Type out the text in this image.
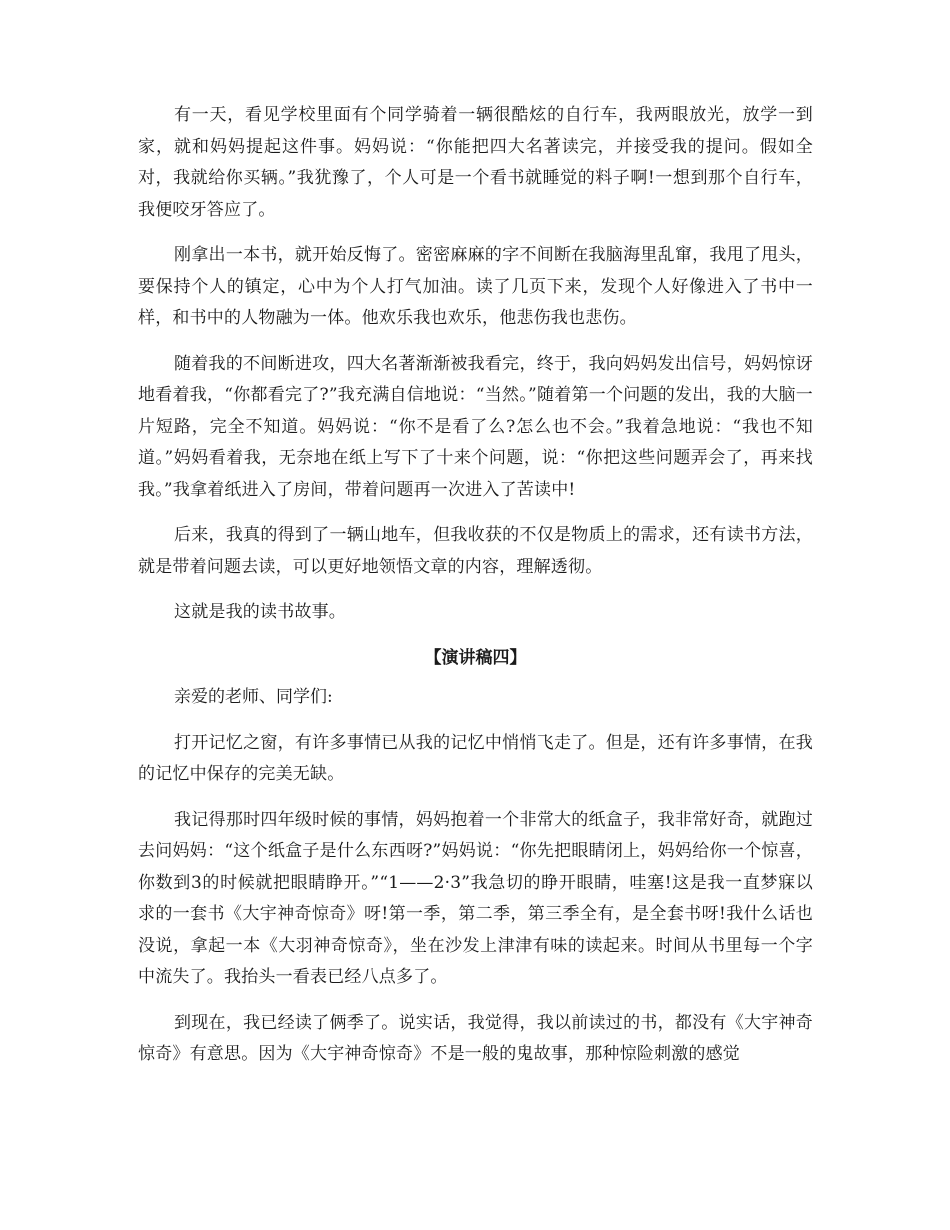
有一天，看见学校里面有个同学骑着一辆很酷炫的自行车，我两眼放光，放学一到家，就和妈妈提起这件事。妈妈说：“你能把四大名著读完，并接受我的提问。假如全对，我就给你买辆。”我犹豫了，个人可是一个看书就睡觉的料子啊!一想到那个自行车，我便咬牙答应了。

刚拿出一本书，就开始反悔了。密密麻麻的字不间断在我脑海里乱窜，我甩了甩头，要保持个人的镇定，心中为个人打气加油。读了几页下来，发现个人好像进入了书中一样，和书中的人物融为一体。他欢乐我也欢乐，他悲伤我也悲伤。

随着我的不间断进攻，四大名著渐渐被我看完，终于，我向妈妈发出信号，妈妈惊讶地看着我，“你都看完了?”我充满自信地说：“当然。”随着第一个问题的发出，我的大脑一片短路，完全不知道。妈妈说：“你不是看了么?怎么也不会。”我着急地说：“我也不知道。”妈妈看着我，无奈地在纸上写下了十来个问题，说：“你把这些问题弄会了，再来找我。”我拿着纸进入了房间，带着问题再一次进入了苦读中!

后来，我真的得到了一辆山地车，但我收获的不仅是物质上的需求，还有读书方法，就是带着问题去读，可以更好地领悟文章的内容，理解透彻。

这就是我的读书故事。

【演讲稿四】

亲爱的老师、同学们:

打开记忆之窗，有许多事情已从我的记忆中悄悄飞走了。但是，还有许多事情，在我的记忆中保存的完美无缺。

我记得那时四年级时候的事情，妈妈抱着一个非常大的纸盒子，我非常好奇，就跑过去问妈妈：“这个纸盒子是什么东西呀?”妈妈说：“你先把眼睛闭上，妈妈给你一个惊喜，你数到3的时候就把眼睛睁开。”“1——2·3”我急切的睁开眼睛，哇塞!这是我一直梦寐以求的一套书《大宇神奇惊奇》呀!第一季，第二季，第三季全有，是全套书呀!我什么话也没说，拿起一本《大羽神奇惊奇》，坐在沙发上津津有味的读起来。时间从书里每一个字中流失了。我抬头一看表已经八点多了。

到现在，我已经读了俩季了。说实话，我觉得，我以前读过的书，都没有《大宇神奇惊奇》有意思。因为《大宇神奇惊奇》不是一般的鬼故事，那种惊险刺激的感觉
